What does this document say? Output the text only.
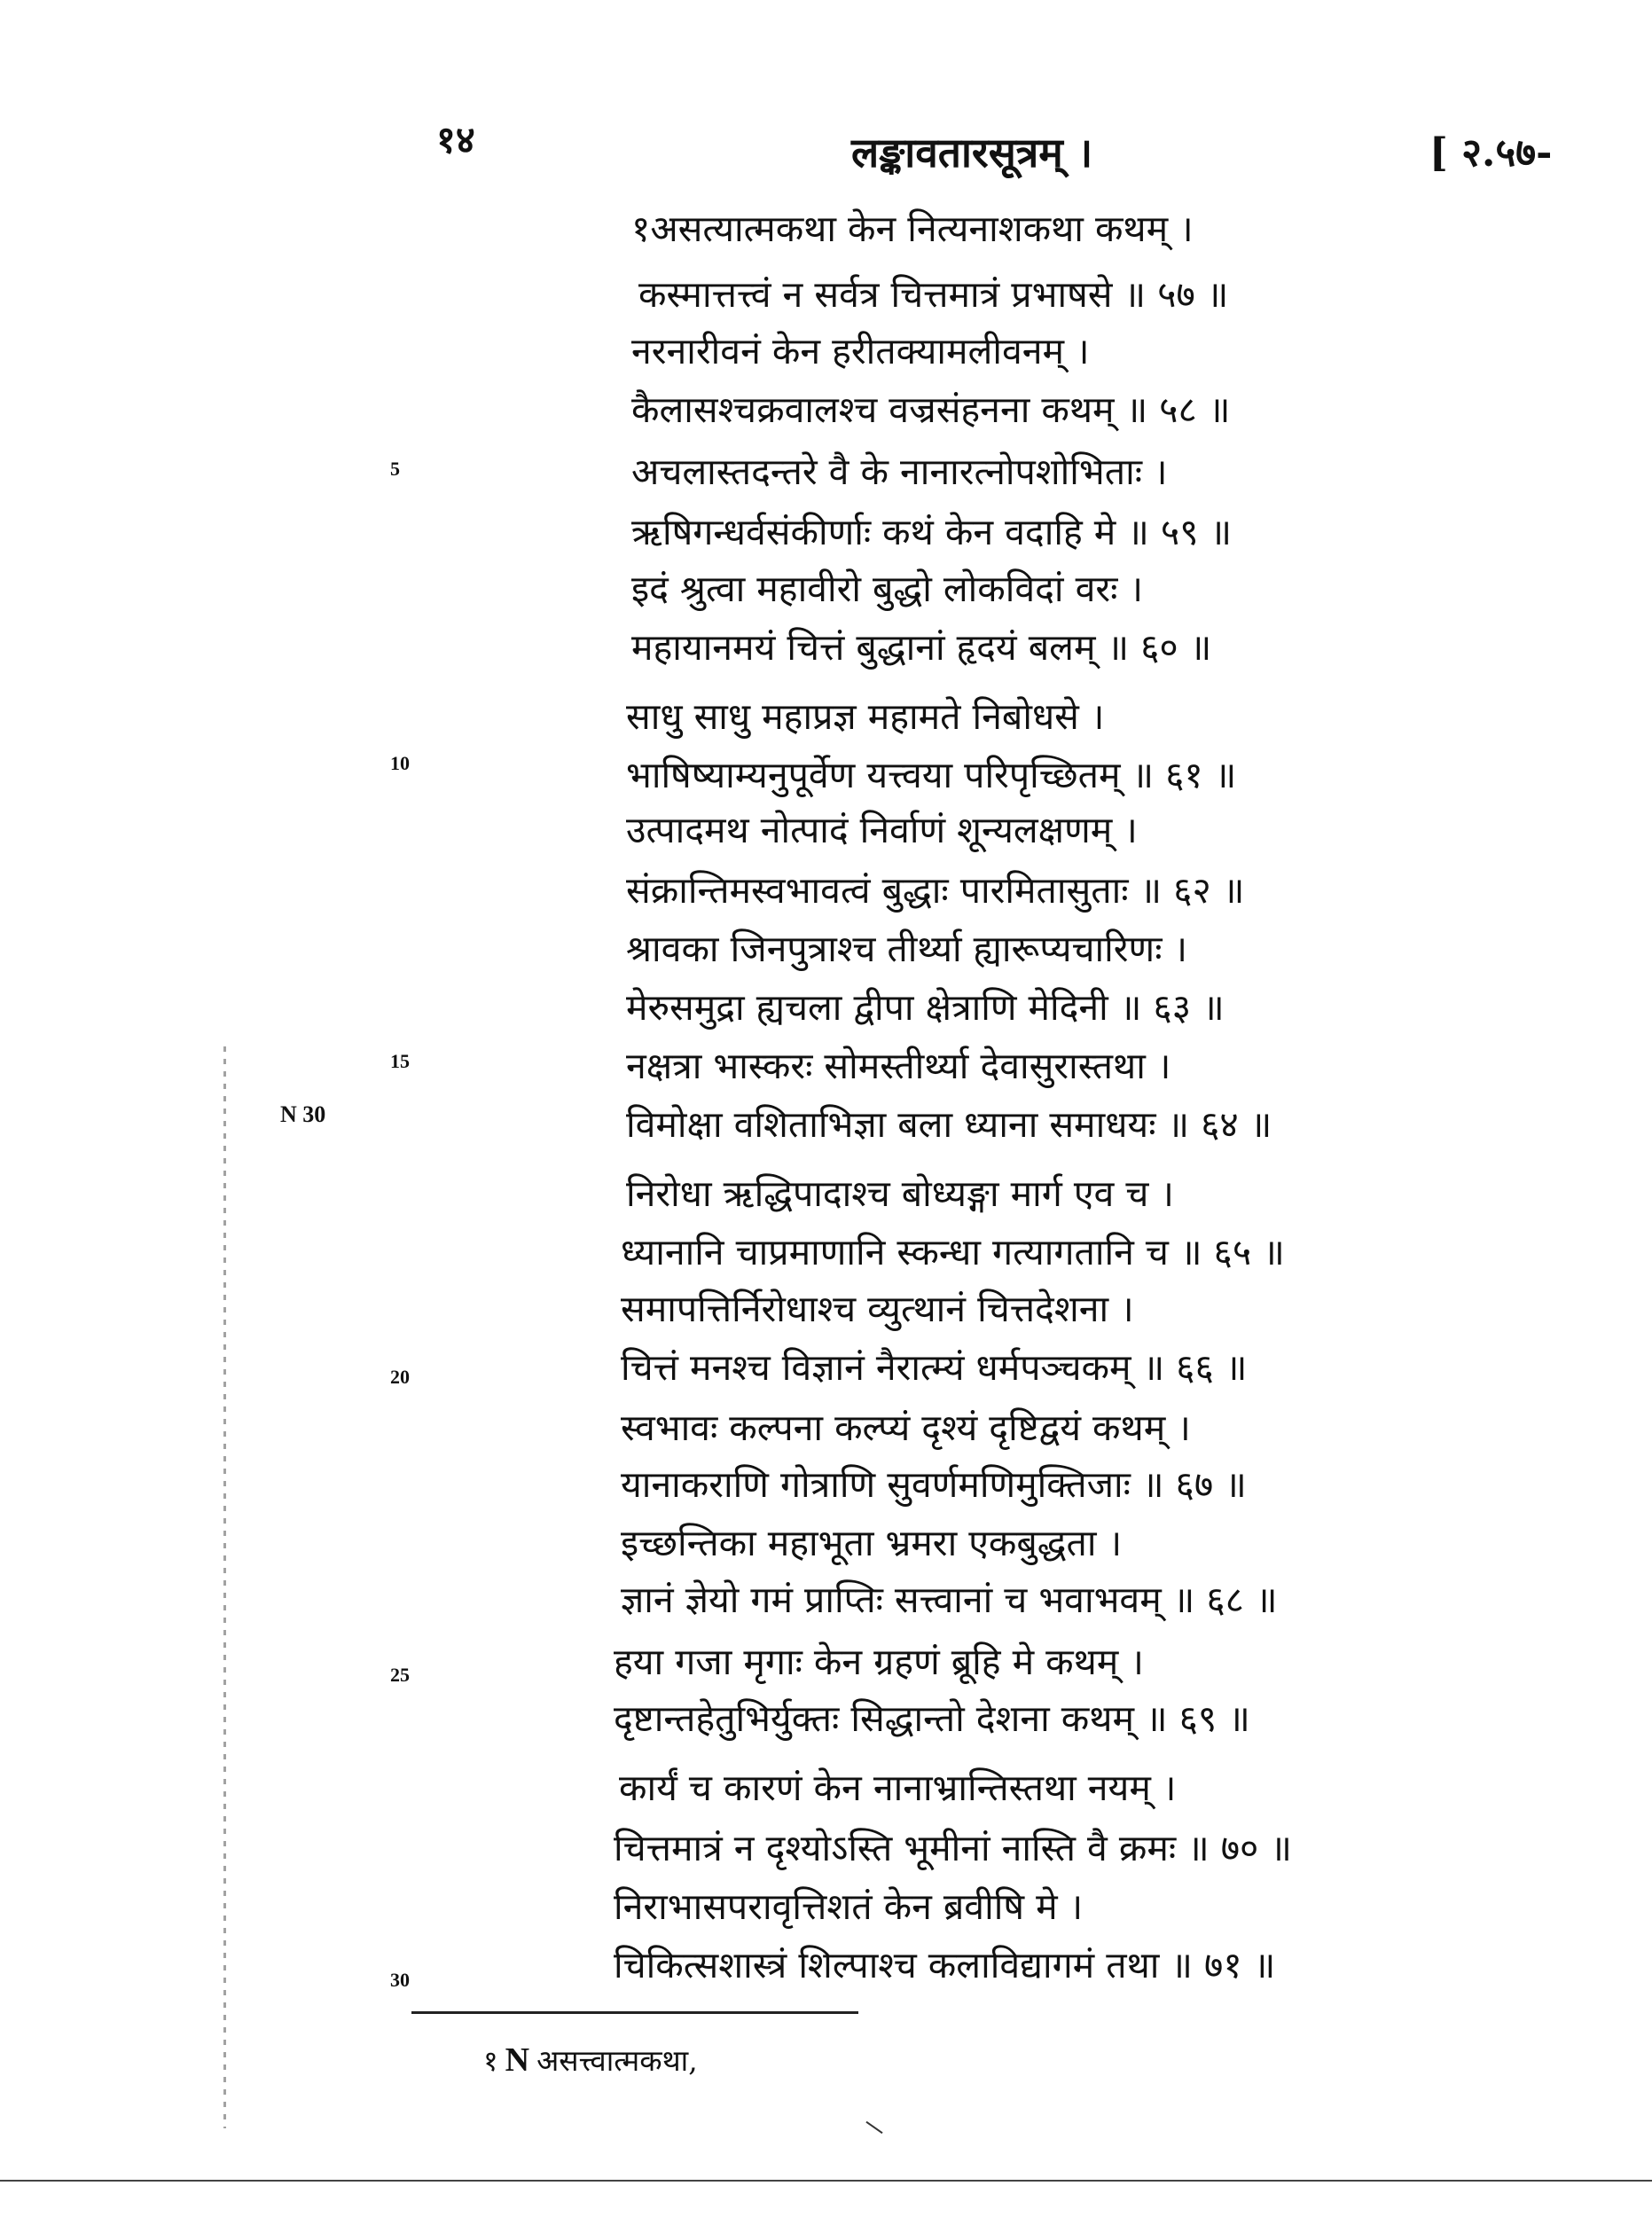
१४	लङ्कावतारसूत्रम् ।	[ २.५७-
१असत्यात्मकथा केन नित्यनाशकथा कथम् ।
कस्मात्तत्त्वं न सर्वत्र चित्तमात्रं प्रभाषसे ॥ ५७ ॥
नरनारीवनं केन हरीतक्यामलीवनम् ।
कैलासश्चक्रवालश्च वज्रसंहनना कथम् ॥ ५८ ॥
अचलास्तदन्तरे वै के नानारत्नोपशोभिताः ।
ऋषिगन्धर्वसंकीर्णाः कथं केन वदाहि मे ॥ ५९ ॥
इदं श्रुत्वा महावीरो बुद्धो लोकविदां वरः ।
महायानमयं चित्तं बुद्धानां हृदयं बलम् ॥ ६० ॥
साधु साधु महाप्रज्ञ महामते निबोधसे ।
भाषिष्याम्यनुपूर्वेण यत्त्वया परिपृच्छितम् ॥ ६१ ॥
उत्पादमथ नोत्पादं निर्वाणं शून्यलक्षणम् ।
संक्रान्तिमस्वभावत्वं बुद्धाः पारमितासुताः ॥ ६२ ॥
श्रावका जिनपुत्राश्च तीर्थ्या ह्यारूप्यचारिणः ।
मेरुसमुद्रा ह्यचला द्वीपा क्षेत्राणि मेदिनी ॥ ६३ ॥
नक्षत्रा भास्करः सोमस्तीर्थ्या देवासुरास्तथा ।
विमोक्षा वशिताभिज्ञा बला ध्याना समाधयः ॥ ६४ ॥
निरोधा ऋद्धिपादाश्च बोध्यङ्गा मार्ग एव च ।
ध्यानानि चाप्रमाणानि स्कन्धा गत्यागतानि च ॥ ६५ ॥
समापत्तिर्निरोधाश्च व्युत्थानं चित्तदेशना ।
चित्तं मनश्च विज्ञानं नैरात्म्यं धर्मपञ्चकम् ॥ ६६ ॥
स्वभावः कल्पना कल्प्यं दृश्यं दृष्टिद्वयं कथम् ।
यानाकराणि गोत्राणि सुवर्णमणिमुक्तिजाः ॥ ६७ ॥
इच्छन्तिका महाभूता भ्रमरा एकबुद्धता ।
ज्ञानं ज्ञेयो गमं प्राप्तिः सत्त्वानां च भवाभवम् ॥ ६८ ॥
हया गजा मृगाः केन ग्रहणं ब्रूहि मे कथम् ।
दृष्टान्तहेतुभिर्युक्तः सिद्धान्तो देशना कथम् ॥ ६९ ॥
कार्यं च कारणं केन नानाभ्रान्तिस्तथा नयम् ।
चित्तमात्रं न दृश्योऽस्ति भूमीनां नास्ति वै क्रमः ॥ ७० ॥
निराभासपरावृत्तिशतं केन ब्रवीषि मे ।
चिकित्सशास्त्रं शिल्पाश्च कलाविद्यागमं तथा ॥ ७१ ॥
5
10
15
20
25
30
N 30
१ N असत्त्वात्मकथा,
